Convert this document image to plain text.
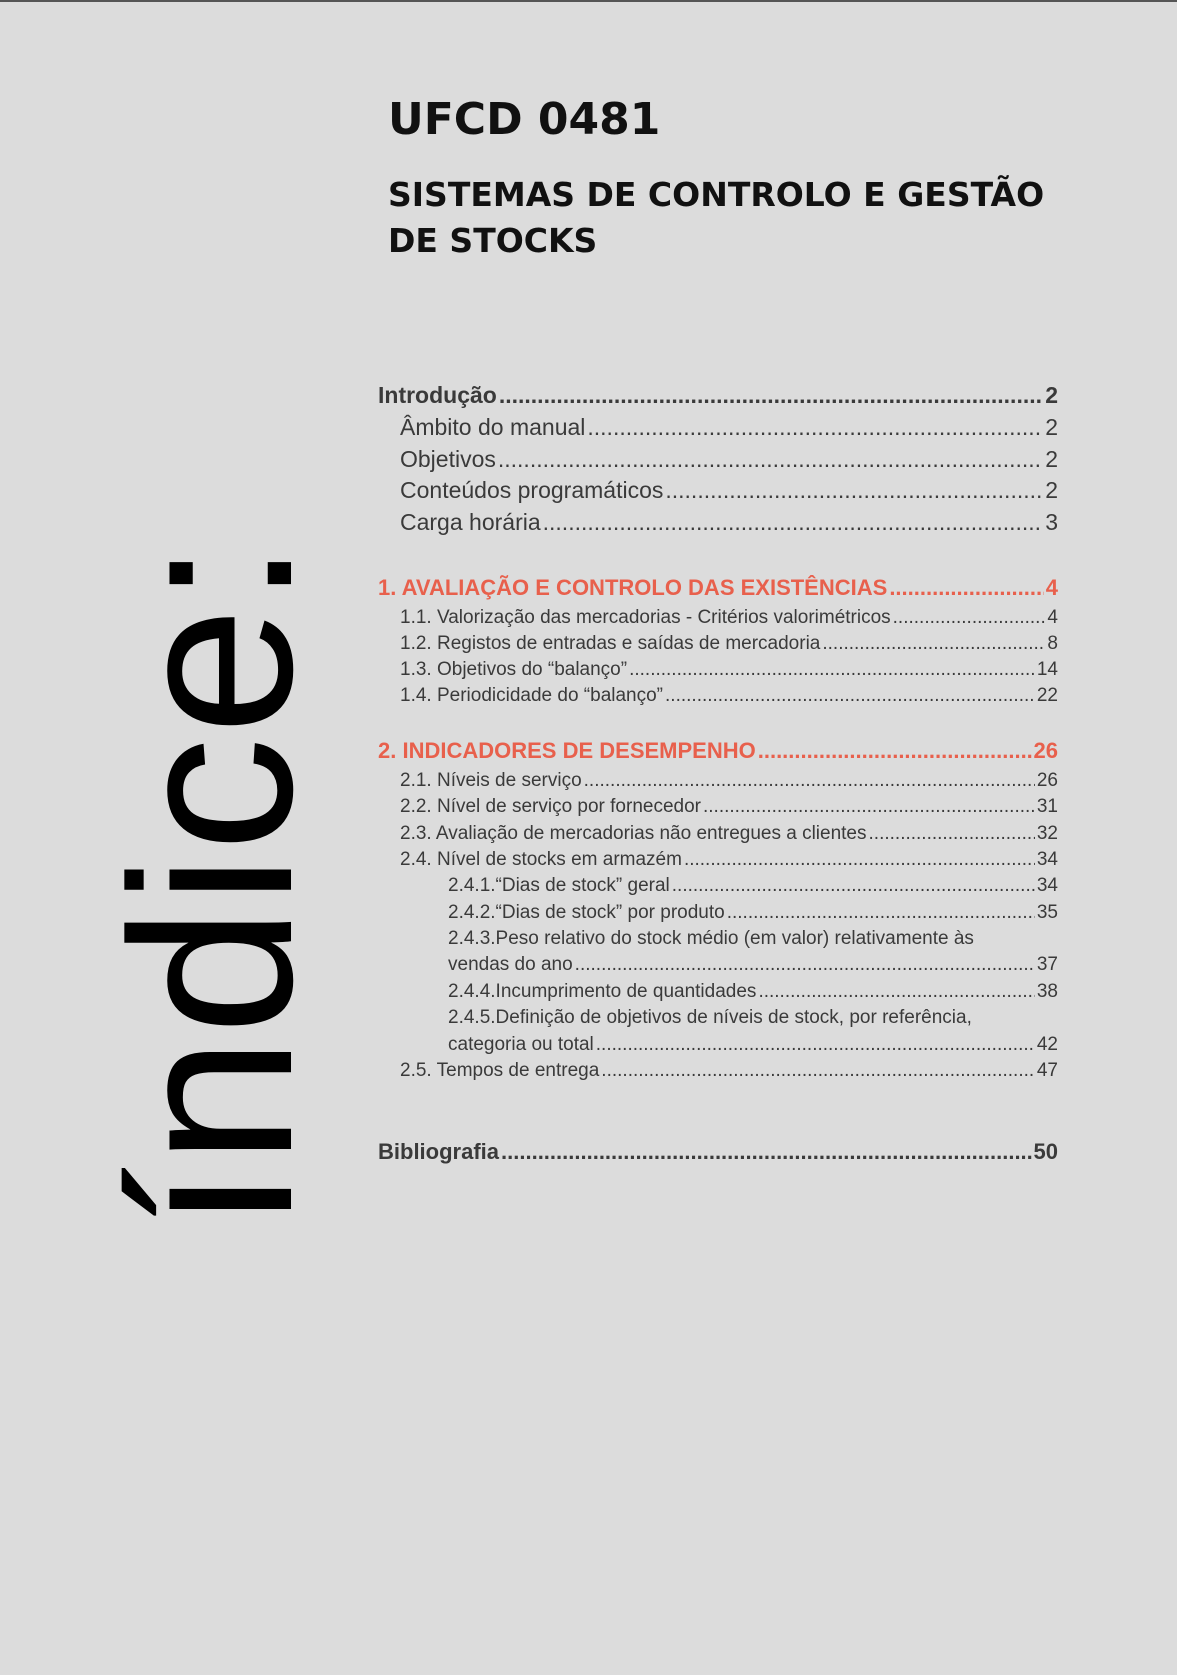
índice:
UFCD 0481
SISTEMAS DE CONTROLO E GESTÃO DE STOCKS
Introdução .....	2
Âmbito do manual .....	2
Objetivos .....	2
Conteúdos programáticos .....	2
Carga horária .....	3
1. AVALIAÇÃO E CONTROLO DAS EXISTÊNCIAS .....	4
1.1. Valorização das mercadorias - Critérios valorimétricos .....	4
1.2. Registos de entradas e saídas de mercadoria .....	8
1.3. Objetivos do “balanço” .....	14
1.4. Periodicidade do “balanço” .....	22
2. INDICADORES DE DESEMPENHO .....	26
2.1. Níveis de serviço .....	26
2.2. Nível de serviço por fornecedor .....	31
2.3. Avaliação de mercadorias não entregues a clientes .....	32
2.4. Nível de stocks em armazém .....	34
2.4.1.“Dias de stock” geral .....	34
2.4.2.“Dias de stock” por produto .....	35
2.4.3.Peso relativo do stock médio (em valor) relativamente às
vendas do ano .....	37
2.4.4.Incumprimento de quantidades .....	38
2.4.5.Definição de objetivos de níveis de stock, por referência,
categoria ou total .....	42
2.5. Tempos de entrega .....	47
Bibliografia .....	50
